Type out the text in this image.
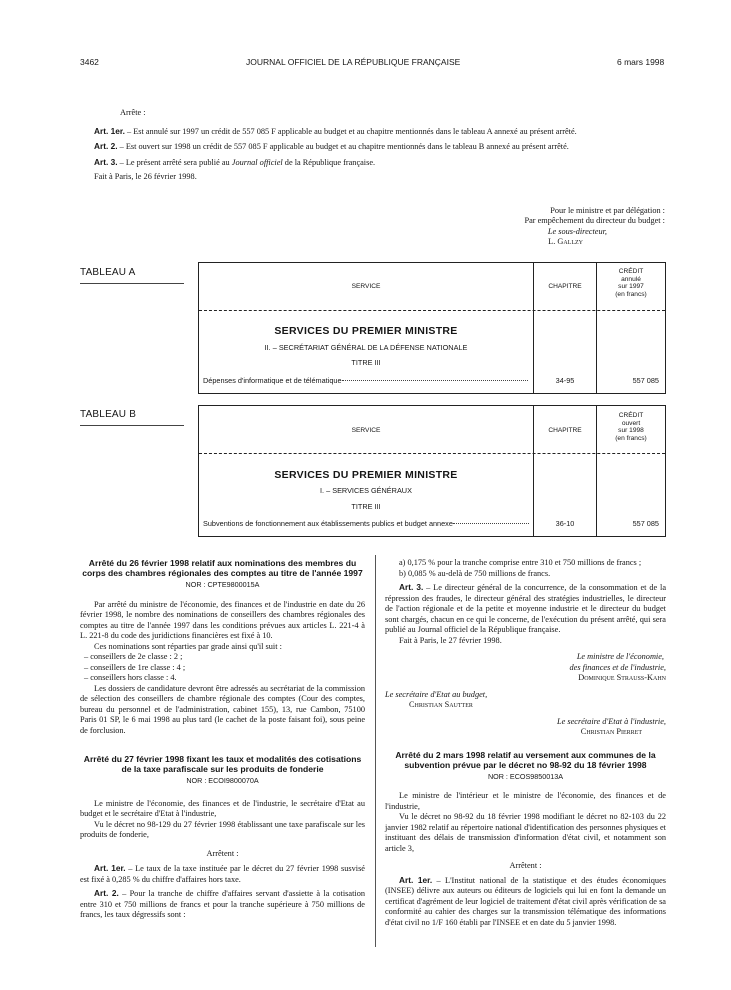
3462	JOURNAL OFFICIEL DE LA RÉPUBLIQUE FRANÇAISE	6 mars 1998

Arrête :

Art. 1er. – Est annulé sur 1997 un crédit de 557 085 F applicable au budget et au chapitre mentionnés dans le tableau A annexé au présent arrêté.

Art. 2. – Est ouvert sur 1998 un crédit de 557 085 F applicable au budget et au chapitre mentionnés dans le tableau B annexé au présent arrêté.

Art. 3. – Le présent arrêté sera publié au Journal officiel de la République française.

Fait à Paris, le 26 février 1998.

Pour le ministre et par délégation :

Par empêchement du directeur du budget :

Le sous-directeur,

L. Gallzy

TABLEAU A
SERVICE	CHAPITRE
CRÉDIT
annulé
sur 1997
(en francs)
SERVICES DU PREMIER MINISTRE
II. – SECRÉTARIAT GÉNÉRAL DE LA DÉFENSE NATIONALE
TITRE III
Dépenses d'informatique et de télématique	34-95	557 085
TABLEAU B
SERVICE	CHAPITRE
CRÉDIT
ouvert
sur 1998
(en francs)
SERVICES DU PREMIER MINISTRE
I. – SERVICES GÉNÉRAUX
TITRE III
Subventions de fonctionnement aux établissements publics et budget annexe	36-10	557 085

Arrêté du 26 février 1998 relatif aux nominations des membres du corps des chambres régionales des comptes au titre de l'année 1997

NOR : CPTE9800015A

Par arrêté du ministre de l'économie, des finances et de l'industrie en date du 26 février 1998, le nombre des nominations de conseillers des chambres régionales des comptes au titre de l'année 1997 dans les conditions prévues aux articles L. 221-4 à L. 221-8 du code des juridictions financières est fixé à 10.

Ces nominations sont réparties par grade ainsi qu'il suit :

– conseillers de 2e classe : 2 ;

– conseillers de 1re classe : 4 ;

– conseillers hors classe : 4.

Les dossiers de candidature devront être adressés au secrétariat de la commission de sélection des conseillers de chambre régionale des comptes (Cour des comptes, bureau du personnel et de l'administration, cabinet 155), 13, rue Cambon, 75100 Paris 01 SP, le 6 mai 1998 au plus tard (le cachet de la poste faisant foi), sous peine de forclusion.

Arrêté du 27 février 1998 fixant les taux et modalités des cotisations de la taxe parafiscale sur les produits de fonderie

NOR : ECOI9800070A

Le ministre de l'économie, des finances et de l'industrie, le secrétaire d'Etat au budget et le secrétaire d'Etat à l'industrie,

Vu le décret no 98-129 du 27 février 1998 établissant une taxe parafiscale sur les produits de fonderie,

Arrêtent :

Art. 1er. – Le taux de la taxe instituée par le décret du 27 février 1998 susvisé est fixé à 0,285 % du chiffre d'affaires hors taxe.

Art. 2. – Pour la tranche de chiffre d'affaires servant d'assiette à la cotisation entre 310 et 750 millions de francs et pour la tranche supérieure à 750 millions de francs, les taux dégressifs sont :

a) 0,175 % pour la tranche comprise entre 310 et 750 millions de francs ;

b) 0,085 % au-delà de 750 millions de francs.

Art. 3. – Le directeur général de la concurrence, de la consommation et de la répression des fraudes, le directeur général des stratégies industrielles, le directeur de l'action régionale et de la petite et moyenne industrie et le directeur du budget sont chargés, chacun en ce qui le concerne, de l'exécution du présent arrêté, qui sera publié au Journal officiel de la République française.

Fait à Paris, le 27 février 1998.

Le ministre de l'économie,

des finances et de l'industrie,

Dominique Strauss-Kahn

Le secrétaire d'Etat au budget,

Christian Sautter

Le secrétaire d'Etat à l'industrie,

Christian Pierret

Arrêté du 2 mars 1998 relatif au versement aux communes de la subvention prévue par le décret no 98-92 du 18 février 1998

NOR : ECOS9850013A

Le ministre de l'intérieur et le ministre de l'économie, des finances et de l'industrie,

Vu le décret no 98-92 du 18 février 1998 modifiant le décret no 82-103 du 22 janvier 1982 relatif au répertoire national d'identification des personnes physiques et instituant des délais de transmission d'information d'état civil, et notamment son article 3,

Arrêtent :

Art. 1er. – L'Institut national de la statistique et des études économiques (INSEE) délivre aux auteurs ou éditeurs de logiciels qui lui en font la demande un certificat d'agrément de leur logiciel de traitement d'état civil après vérification de sa conformité au cahier des charges sur la transmission télématique des informations d'état civil no 1/F 160 établi par l'INSEE et en date du 5 janvier 1998.
